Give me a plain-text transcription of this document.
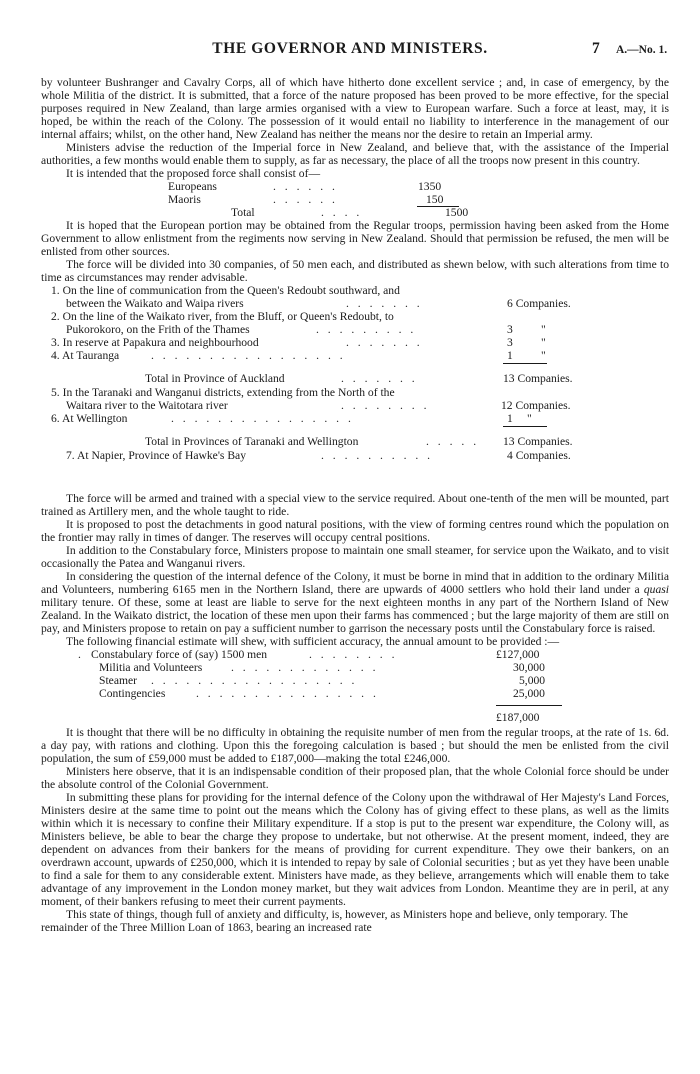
THE GOVERNOR AND MINISTERS.	7 A.—No. 1.

by volunteer Bushranger and Cavalry Corps, all of which have hitherto done excellent service ; and, in case of emergency, by the whole Militia of the district. It is submitted, that a force of the nature proposed has been proved to be more effective, for the special purposes required in New Zealand, than large armies organised with a view to European warfare. Such a force at least, may, it is hoped, be within the reach of the Colony. The possession of it would entail no liability to interference in the management of our internal affairs; whilst, on the other hand, New Zealand has neither the means nor the desire to retain an Imperial army.

Ministers advise the reduction of the Imperial force in New Zealand, and believe that, with the assistance of the Imperial authorities, a few months would enable them to supply, as far as necessary, the place of all the troops now present in this country.

It is intended that the proposed force shall consist of—

Europeans	. . . . . .	1350
Maoris	. . . . . .	150
Total	. . . .	1500

It is hoped that the European portion may be obtained from the Regular troops, permission having been asked from the Home Government to allow enlistment from the regiments now serving in New Zealand. Should that permission be refused, the men will be enlisted from other sources.

The force will be divided into 30 companies, of 50 men each, and distributed as shewn below, with such alterations from time to time as circumstances may render advisable.

1. On the line of communication from the Queen's Redoubt southward, and
between the Waikato and Waipa rivers	. . . . . . .	6 Companies.
2. On the line of the Waikato river, from the Bluff, or Queen's Redoubt, to
Pukorokoro, on the Frith of the Thames	. . . . . . . . .	3 "
3. In reserve at Papakura and neighbourhood	. . . . . . .	3 "
4. At Tauranga	. . . . . . . . . . . . . . . . .	1 "
Total in Province of Auckland	. . . . . . .	13 Companies.
5. In the Taranaki and Wanganui districts, extending from the North of the
Waitara river to the Waitotara river	. . . . . . . .	12 Companies.
6. At Wellington	. . . . . . . . . . . . . . . .	1 "
Total in Provinces of Taranaki and Wellington	. . . . . 13 Companies.
7. At Napier, Province of Hawke's Bay	. . . . . . . . . .	4 Companies.

The force will be armed and trained with a special view to the service required. About one-tenth of the men will be mounted, part trained as Artillery men, and the whole taught to ride.

It is proposed to post the detachments in good natural positions, with the view of forming centres round which the population on the frontier may rally in times of danger. The reserves will occupy central positions.

In addition to the Constabulary force, Ministers propose to maintain one small steamer, for service upon the Waikato, and to visit occasionally the Patea and Wanganui rivers.

In considering the question of the internal defence of the Colony, it must be borne in mind that in addition to the ordinary Militia and Volunteers, numbering 6165 men in the Northern Island, there are upwards of 4000 settlers who hold their land under a quasi military tenure. Of these, some at least are liable to serve for the next eighteen months in any part of the Northern Island of New Zealand. In the Waikato district, the location of these men upon their farms has commenced ; but the large majority of them are still on pay, and Ministers propose to retain on pay a sufficient number to garrison the necessary posts until the Constabulary force is raised.

The following financial estimate will shew, with sufficient accuracy, the annual amount to be provided :—

. Constabulary force of (say) 1500 men	. . . . . . . .	£127,000
Militia and Volunteers . . . . . . . . . . . . .	30,000
Steamer . . . . . . . . . . . . . . . . . .	5,000
Contingencies	. . . . . . . . . . . . . . . .	25,000
£187,000

It is thought that there will be no difficulty in obtaining the requisite number of men from the regular troops, at the rate of 1s. 6d. a day pay, with rations and clothing. Upon this the foregoing calculation is based ; but should the men be enlisted from the civil population, the sum of £59,000 must be added to £187,000—making the total £246,000.

Ministers here observe, that it is an indispensable condition of their proposed plan, that the whole Colonial force should be under the absolute control of the Colonial Government.

In submitting these plans for providing for the internal defence of the Colony upon the withdrawal of Her Majesty's Land Forces, Ministers desire at the same time to point out the means which the Colony has of giving effect to these plans, as well as the limits within which it is necessary to confine their Military expenditure. If a stop is put to the present war expenditure, the Colony will, as Ministers believe, be able to bear the charge they propose to undertake, but not otherwise. At the present moment, indeed, they are dependent on advances from their bankers for the means of providing for current expenditure. They owe their bankers, on an overdrawn account, upwards of £250,000, which it is intended to repay by sale of Colonial securities ; but as yet they have been unable to find a sale for them to any considerable extent. Ministers have made, as they believe, arrangements which will enable them to take advantage of any improvement in the London money market, but they wait advices from London. Meantime they are in peril, at any moment, of their bankers refusing to meet their current payments.

This state of things, though full of anxiety and difficulty, is, however, as Ministers hope and believe, only temporary. The remainder of the Three Million Loan of 1863, bearing an increased rate
